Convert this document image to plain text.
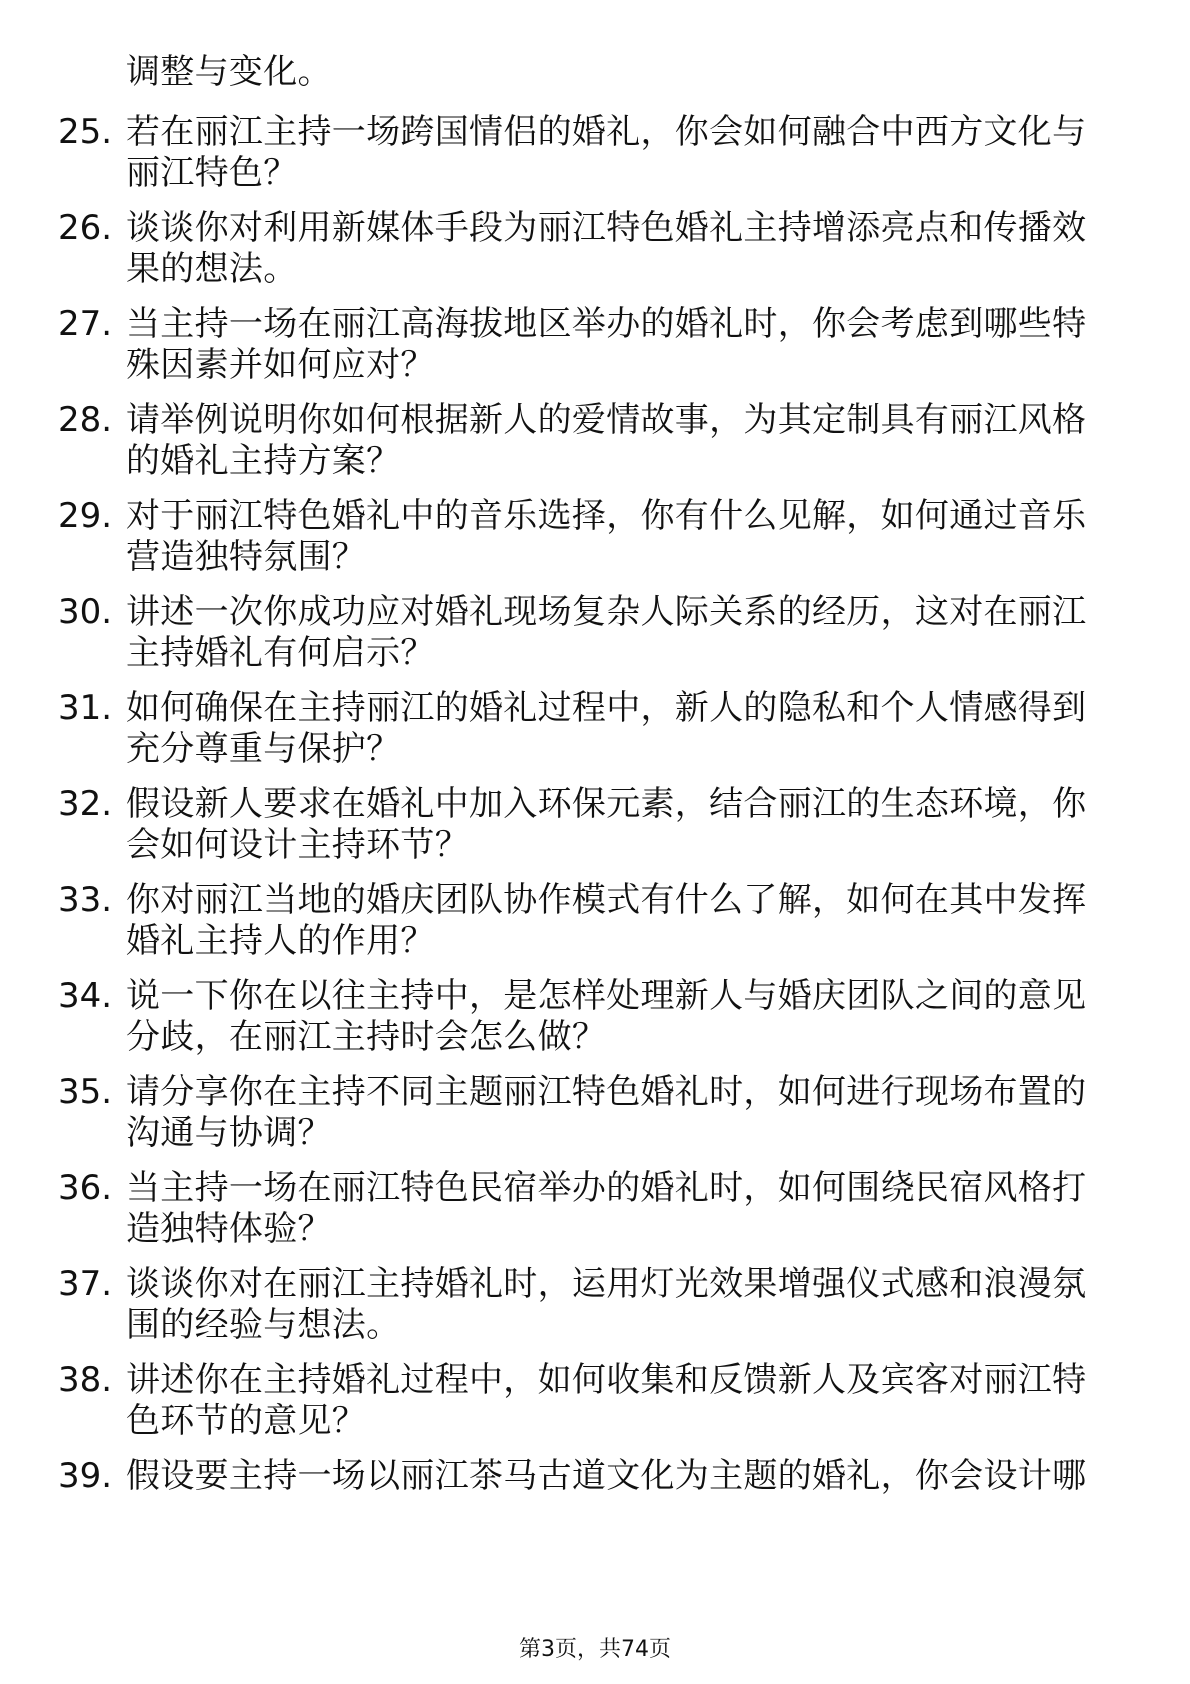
调整与变化。
25. 若在丽江主持一场跨国情侣的婚礼，你会如何融合中西方文化与
丽江特色？
26. 谈谈你对利用新媒体手段为丽江特色婚礼主持增添亮点和传播效
果的想法。
27. 当主持一场在丽江高海拔地区举办的婚礼时，你会考虑到哪些特
殊因素并如何应对？
28. 请举例说明你如何根据新人的爱情故事，为其定制具有丽江风格
的婚礼主持方案？
29. 对于丽江特色婚礼中的音乐选择，你有什么见解，如何通过音乐
营造独特氛围？
30. 讲述一次你成功应对婚礼现场复杂人际关系的经历，这对在丽江
主持婚礼有何启示？
31. 如何确保在主持丽江的婚礼过程中，新人的隐私和个人情感得到
充分尊重与保护？
32. 假设新人要求在婚礼中加入环保元素，结合丽江的生态环境，你
会如何设计主持环节？
33. 你对丽江当地的婚庆团队协作模式有什么了解，如何在其中发挥
婚礼主持人的作用？
34. 说一下你在以往主持中，是怎样处理新人与婚庆团队之间的意见
分歧，在丽江主持时会怎么做？
35. 请分享你在主持不同主题丽江特色婚礼时，如何进行现场布置的
沟通与协调？
36. 当主持一场在丽江特色民宿举办的婚礼时，如何围绕民宿风格打
造独特体验？
37. 谈谈你对在丽江主持婚礼时，运用灯光效果增强仪式感和浪漫氛
围的经验与想法。
38. 讲述你在主持婚礼过程中，如何收集和反馈新人及宾客对丽江特
色环节的意见？
39. 假设要主持一场以丽江茶马古道文化为主题的婚礼，你会设计哪
第3页，共74页
